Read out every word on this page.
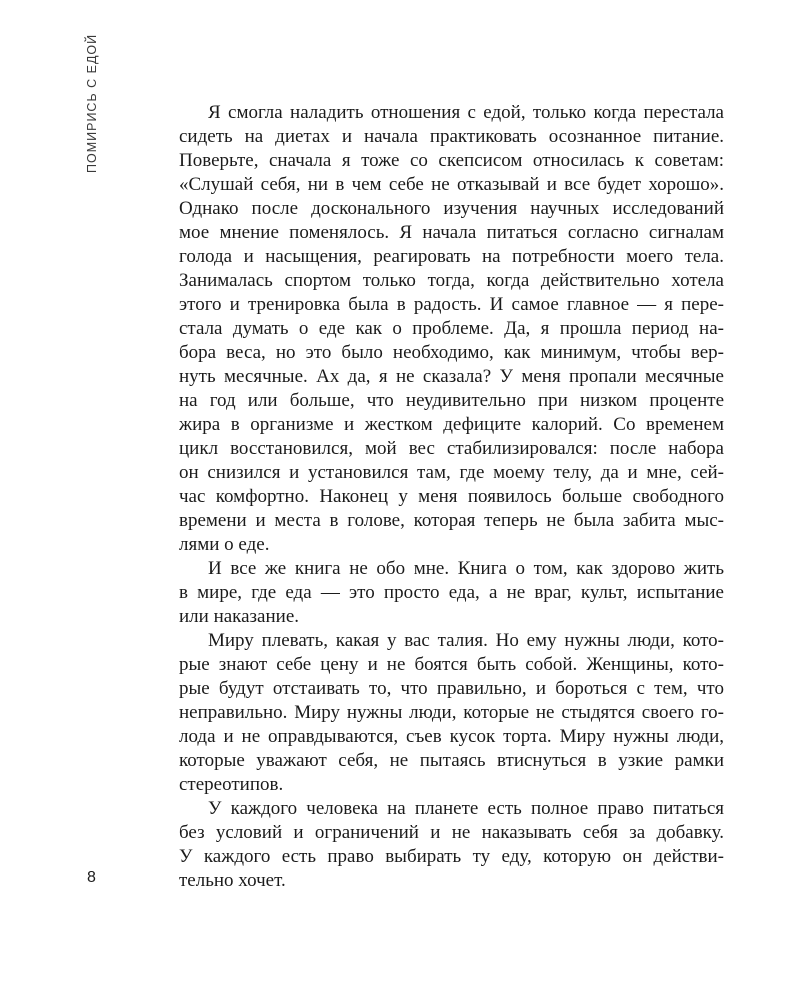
ПОМИРИСЬ С ЕДОЙ
8
Я смогла наладить отношения с едой, только когда перестала
сидеть на диетах и начала практиковать осознанное питание.
Поверьте, сначала я тоже со скепсисом относилась к советам:
«Слушай себя, ни в чем себе не отказывай и все будет хорошо».
Однако после досконального изучения научных исследований
мое мнение поменялось. Я начала питаться согласно сигналам
голода и насыщения, реагировать на потребности моего тела.
Занималась спортом только тогда, когда действительно хотела
этого и тренировка была в радость. И самое главное — я пере-
стала думать о еде как о проблеме. Да, я прошла период на-
бора веса, но это было необходимо, как минимум, чтобы вер-
нуть месячные. Ах да, я не сказала? У меня пропали месячные
на год или больше, что неудивительно при низком проценте
жира в организме и жестком дефиците калорий. Со временем
цикл восстановился, мой вес стабилизировался: после набора
он снизился и установился там, где моему телу, да и мне, сей-
час комфортно. Наконец у меня появилось больше свободного
времени и места в голове, которая теперь не была забита мыс-
лями о еде.
И все же книга не обо мне. Книга о том, как здорово жить
в мире, где еда — это просто еда, а не враг, культ, испытание
или наказание.
Миру плевать, какая у вас талия. Но ему нужны люди, кото-
рые знают себе цену и не боятся быть собой. Женщины, кото-
рые будут отстаивать то, что правильно, и бороться с тем, что
неправильно. Миру нужны люди, которые не стыдятся своего го-
лода и не оправдываются, съев кусок торта. Миру нужны люди,
которые уважают себя, не пытаясь втиснуться в узкие рамки
стереотипов.
У каждого человека на планете есть полное право питаться
без условий и ограничений и не наказывать себя за добавку.
У каждого есть право выбирать ту еду, которую он действи-
тельно хочет.
